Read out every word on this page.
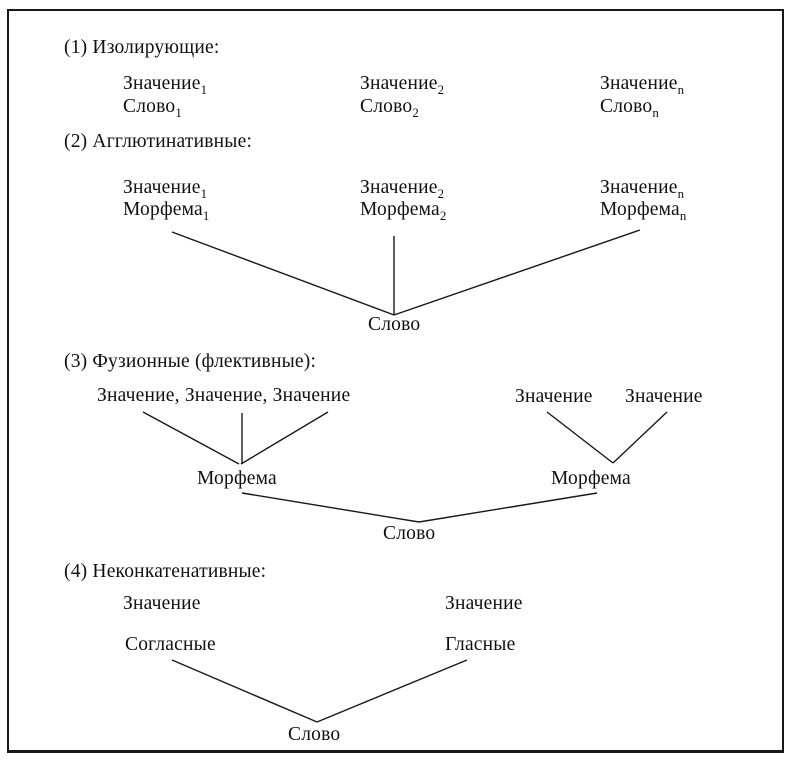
(1) Изолирующие:
Значение$_1$
Слово$_1$
Значение$_2$
Слово$_2$
Значение$_n$
Слово$_n$
(2) Агглютинативные:
Значение$_1$
Морфема$_1$
Значение$_2$
Морфема$_2$
Значение$_n$
Морфема$_n$
Слово
(3) Фузионные (флективные):
Значение, Значение, Значение	Значение Значение
Морфема	Морфема
Слово
(4) Неконкатенативные:
Значение	Значение
Согласные	Гласные
Слово
